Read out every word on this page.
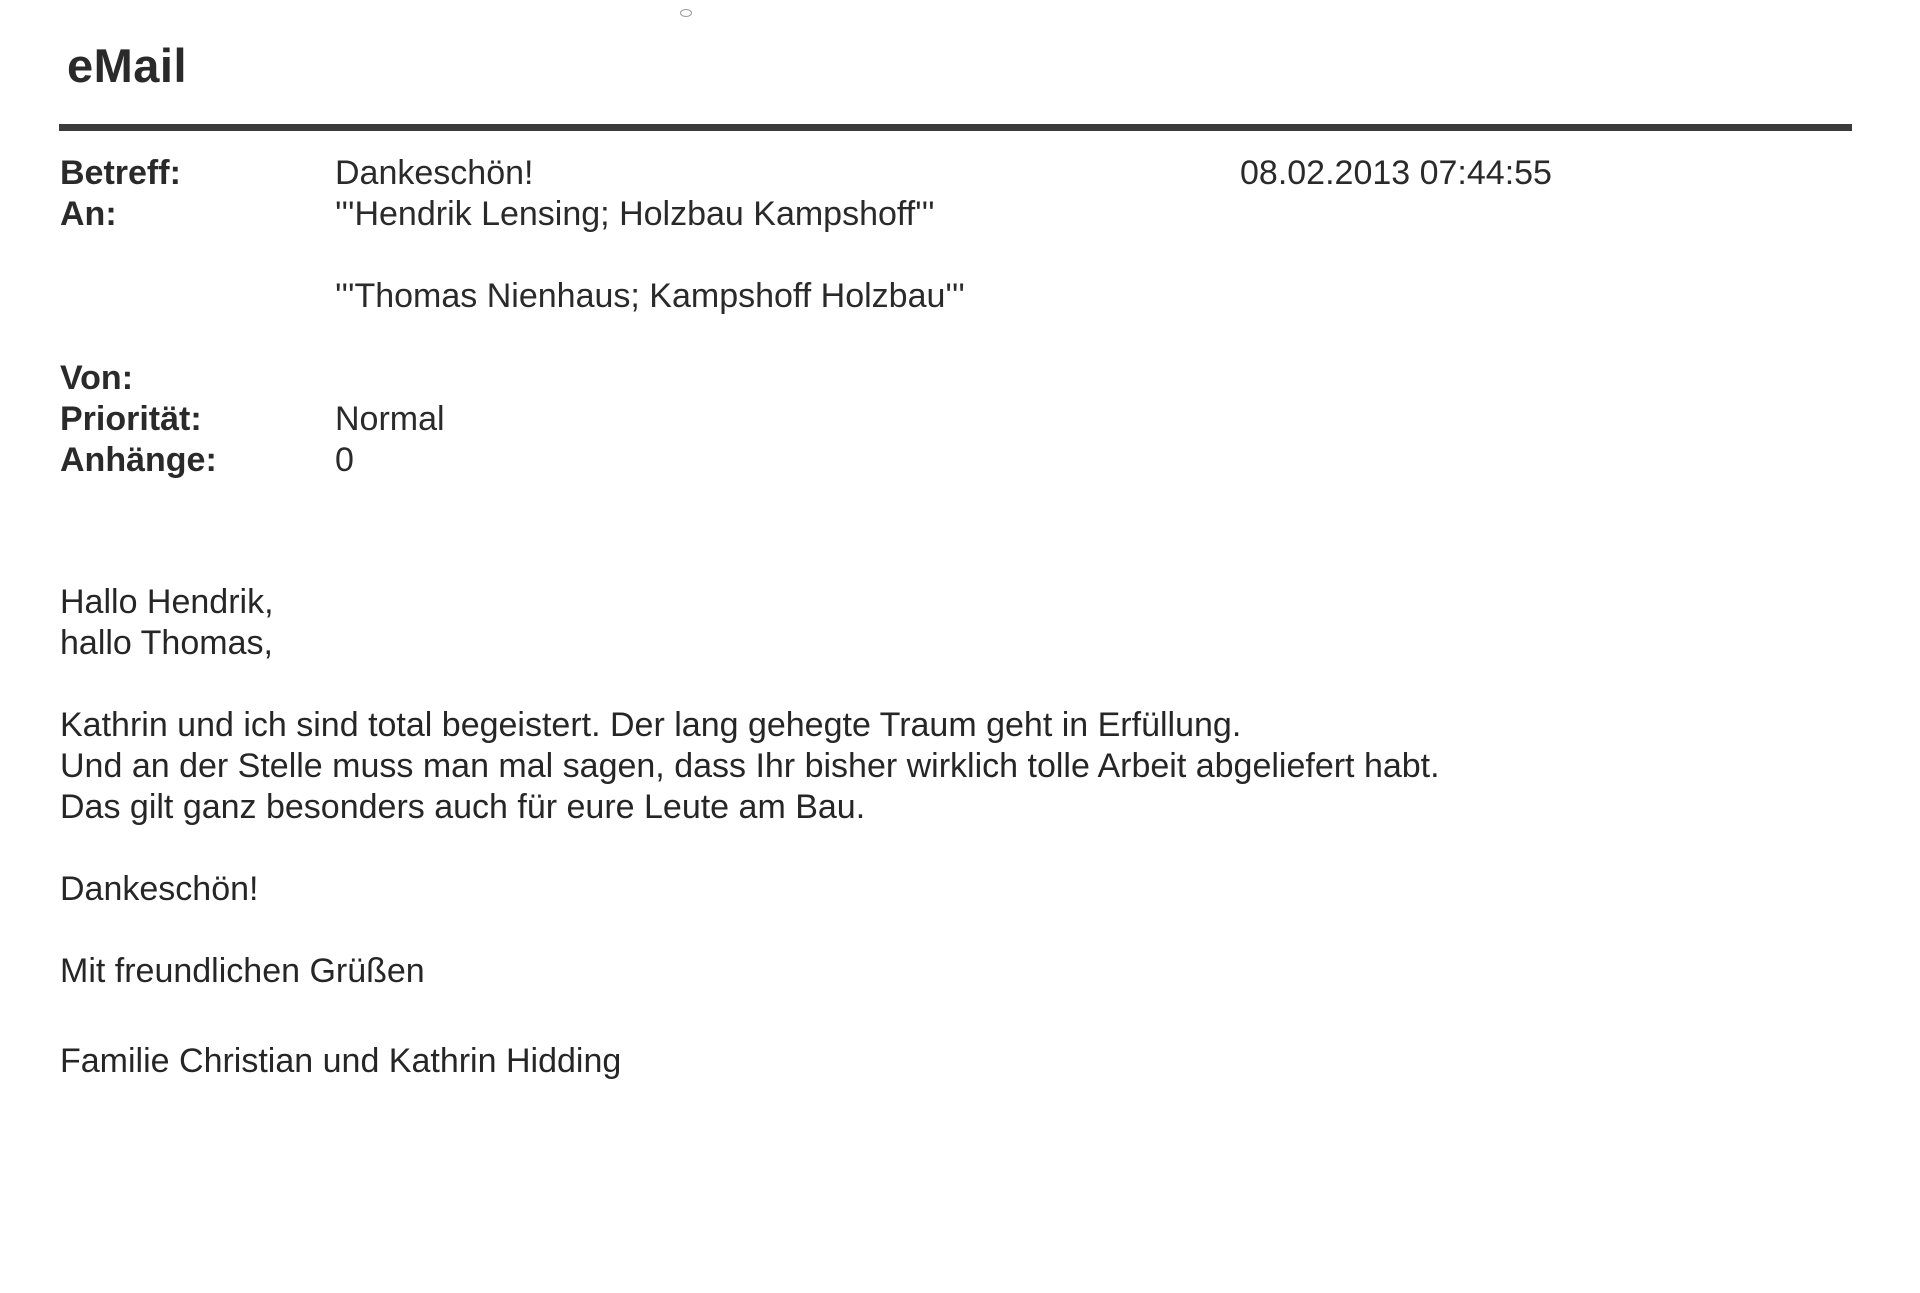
eMail
Betreff:	Dankeschön!	08.02.2013 07:44:55
An:	'''Hendrik Lensing; Holzbau Kampshoff'''
'''Thomas Nienhaus; Kampshoff Holzbau'''
Von:
Priorität:	Normal
Anhänge:	0

Hallo Hendrik,

hallo Thomas,

Kathrin und ich sind total begeistert. Der lang gehegte Traum geht in Erfüllung.

Und an der Stelle muss man mal sagen, dass Ihr bisher wirklich tolle Arbeit abgeliefert habt.

Das gilt ganz besonders auch für eure Leute am Bau.

Dankeschön!

Mit freundlichen Grüßen

Familie Christian und Kathrin Hidding
